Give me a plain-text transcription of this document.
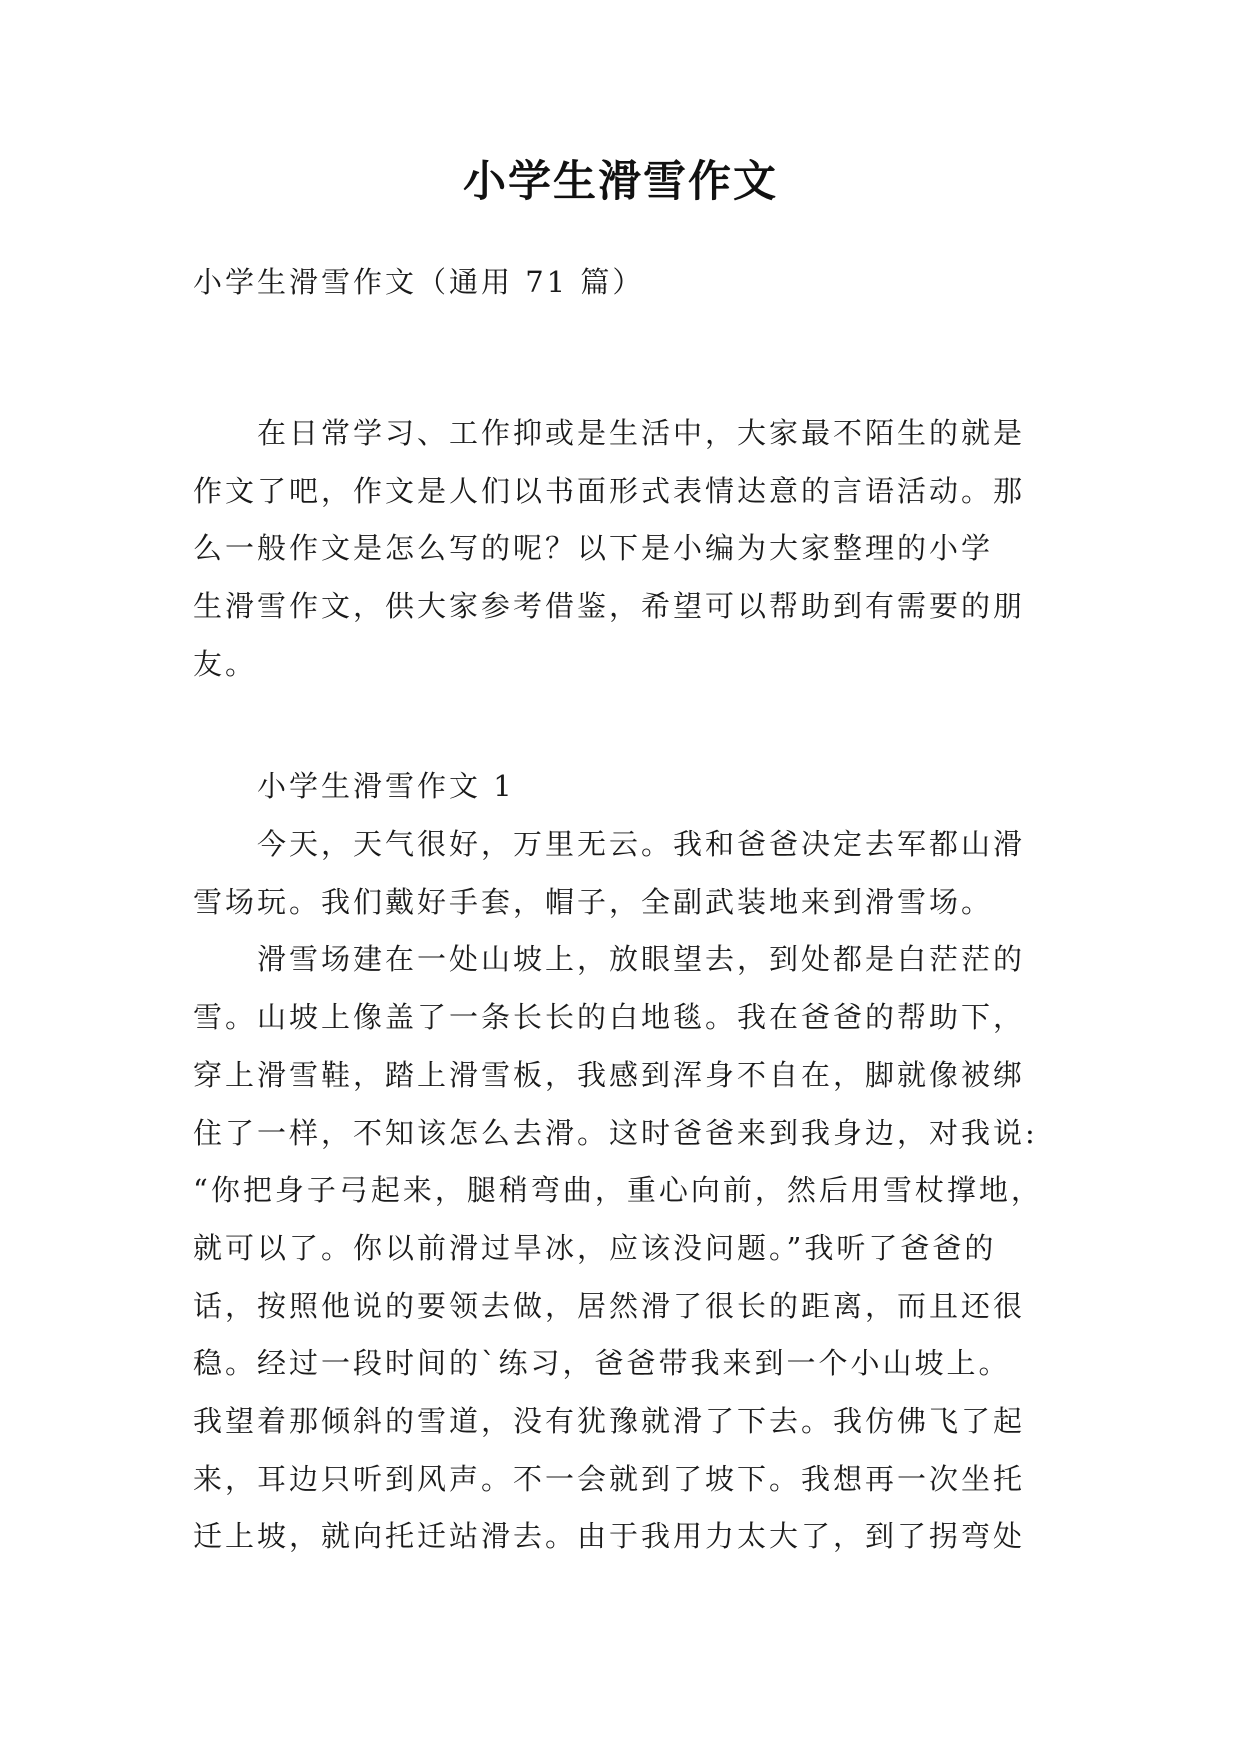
小学生滑雪作文

小学生滑雪作文（通用 71 篇）

在日常学习、工作抑或是生活中，大家最不陌生的就是
作文了吧，作文是人们以书面形式表情达意的言语活动。那
么一般作文是怎么写的呢？以下是小编为大家整理的小学
生滑雪作文，供大家参考借鉴，希望可以帮助到有需要的朋
友。

小学生滑雪作文 1

今天，天气很好，万里无云。我和爸爸决定去军都山滑
雪场玩。我们戴好手套，帽子，全副武装地来到滑雪场。
滑雪场建在一处山坡上，放眼望去，到处都是白茫茫的
雪。山坡上像盖了一条长长的白地毯。我在爸爸的帮助下，
穿上滑雪鞋，踏上滑雪板，我感到浑身不自在，脚就像被绑
住了一样，不知该怎么去滑。这时爸爸来到我身边，对我说:
“你把身子弓起来，腿稍弯曲，重心向前，然后用雪杖撑地，
就可以了。你以前滑过旱冰，应该没问题。”我听了爸爸的
话，按照他说的要领去做，居然滑了很长的距离，而且还很
稳。经过一段时间的`练习，爸爸带我来到一个小山坡上。
我望着那倾斜的雪道，没有犹豫就滑了下去。我仿佛飞了起
来，耳边只听到风声。不一会就到了坡下。我想再一次坐托
迁上坡，就向托迁站滑去。由于我用力太大了，到了拐弯处
